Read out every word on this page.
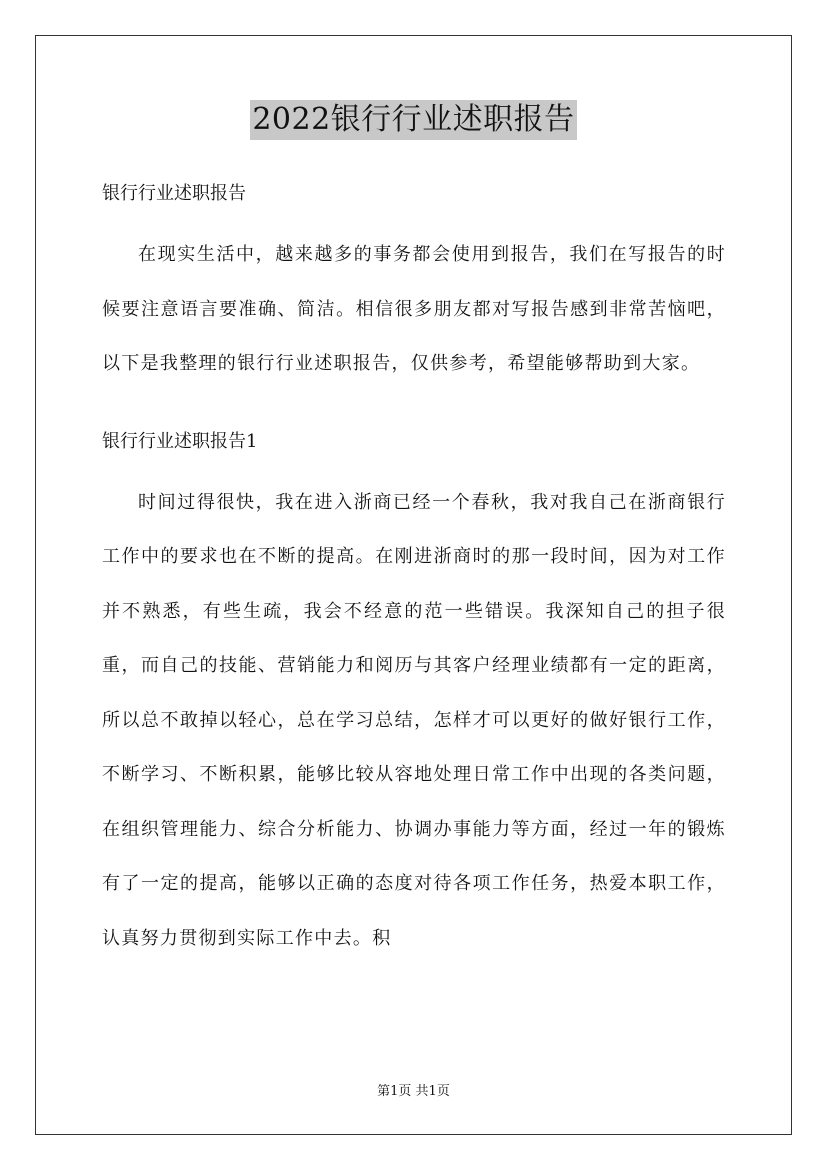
2022银行行业述职报告

银行行业述职报告

在现实生活中，越来越多的事务都会使用到报告，我们在写报告的时候要注意语言要准确、简洁。相信很多朋友都对写报告感到非常苦恼吧，以下是我整理的银行行业述职报告，仅供参考，希望能够帮助到大家。

银行行业述职报告1

时间过得很快，我在进入浙商已经一个春秋，我对我自己在浙商银行工作中的要求也在不断的提高。在刚进浙商时的那一段时间，因为对工作并不熟悉，有些生疏，我会不经意的范一些错误。我深知自己的担子很重，而自己的技能、营销能力和阅历与其客户经理业绩都有一定的距离，所以总不敢掉以轻心，总在学习总结，怎样才可以更好的做好银行工作，不断学习、不断积累，能够比较从容地处理日常工作中出现的各类问题，在组织管理能力、综合分析能力、协调办事能力等方面，经过一年的锻炼有了一定的提高，能够以正确的态度对待各项工作任务，热爱本职工作，认真努力贯彻到实际工作中去。积

第1页 共1页
